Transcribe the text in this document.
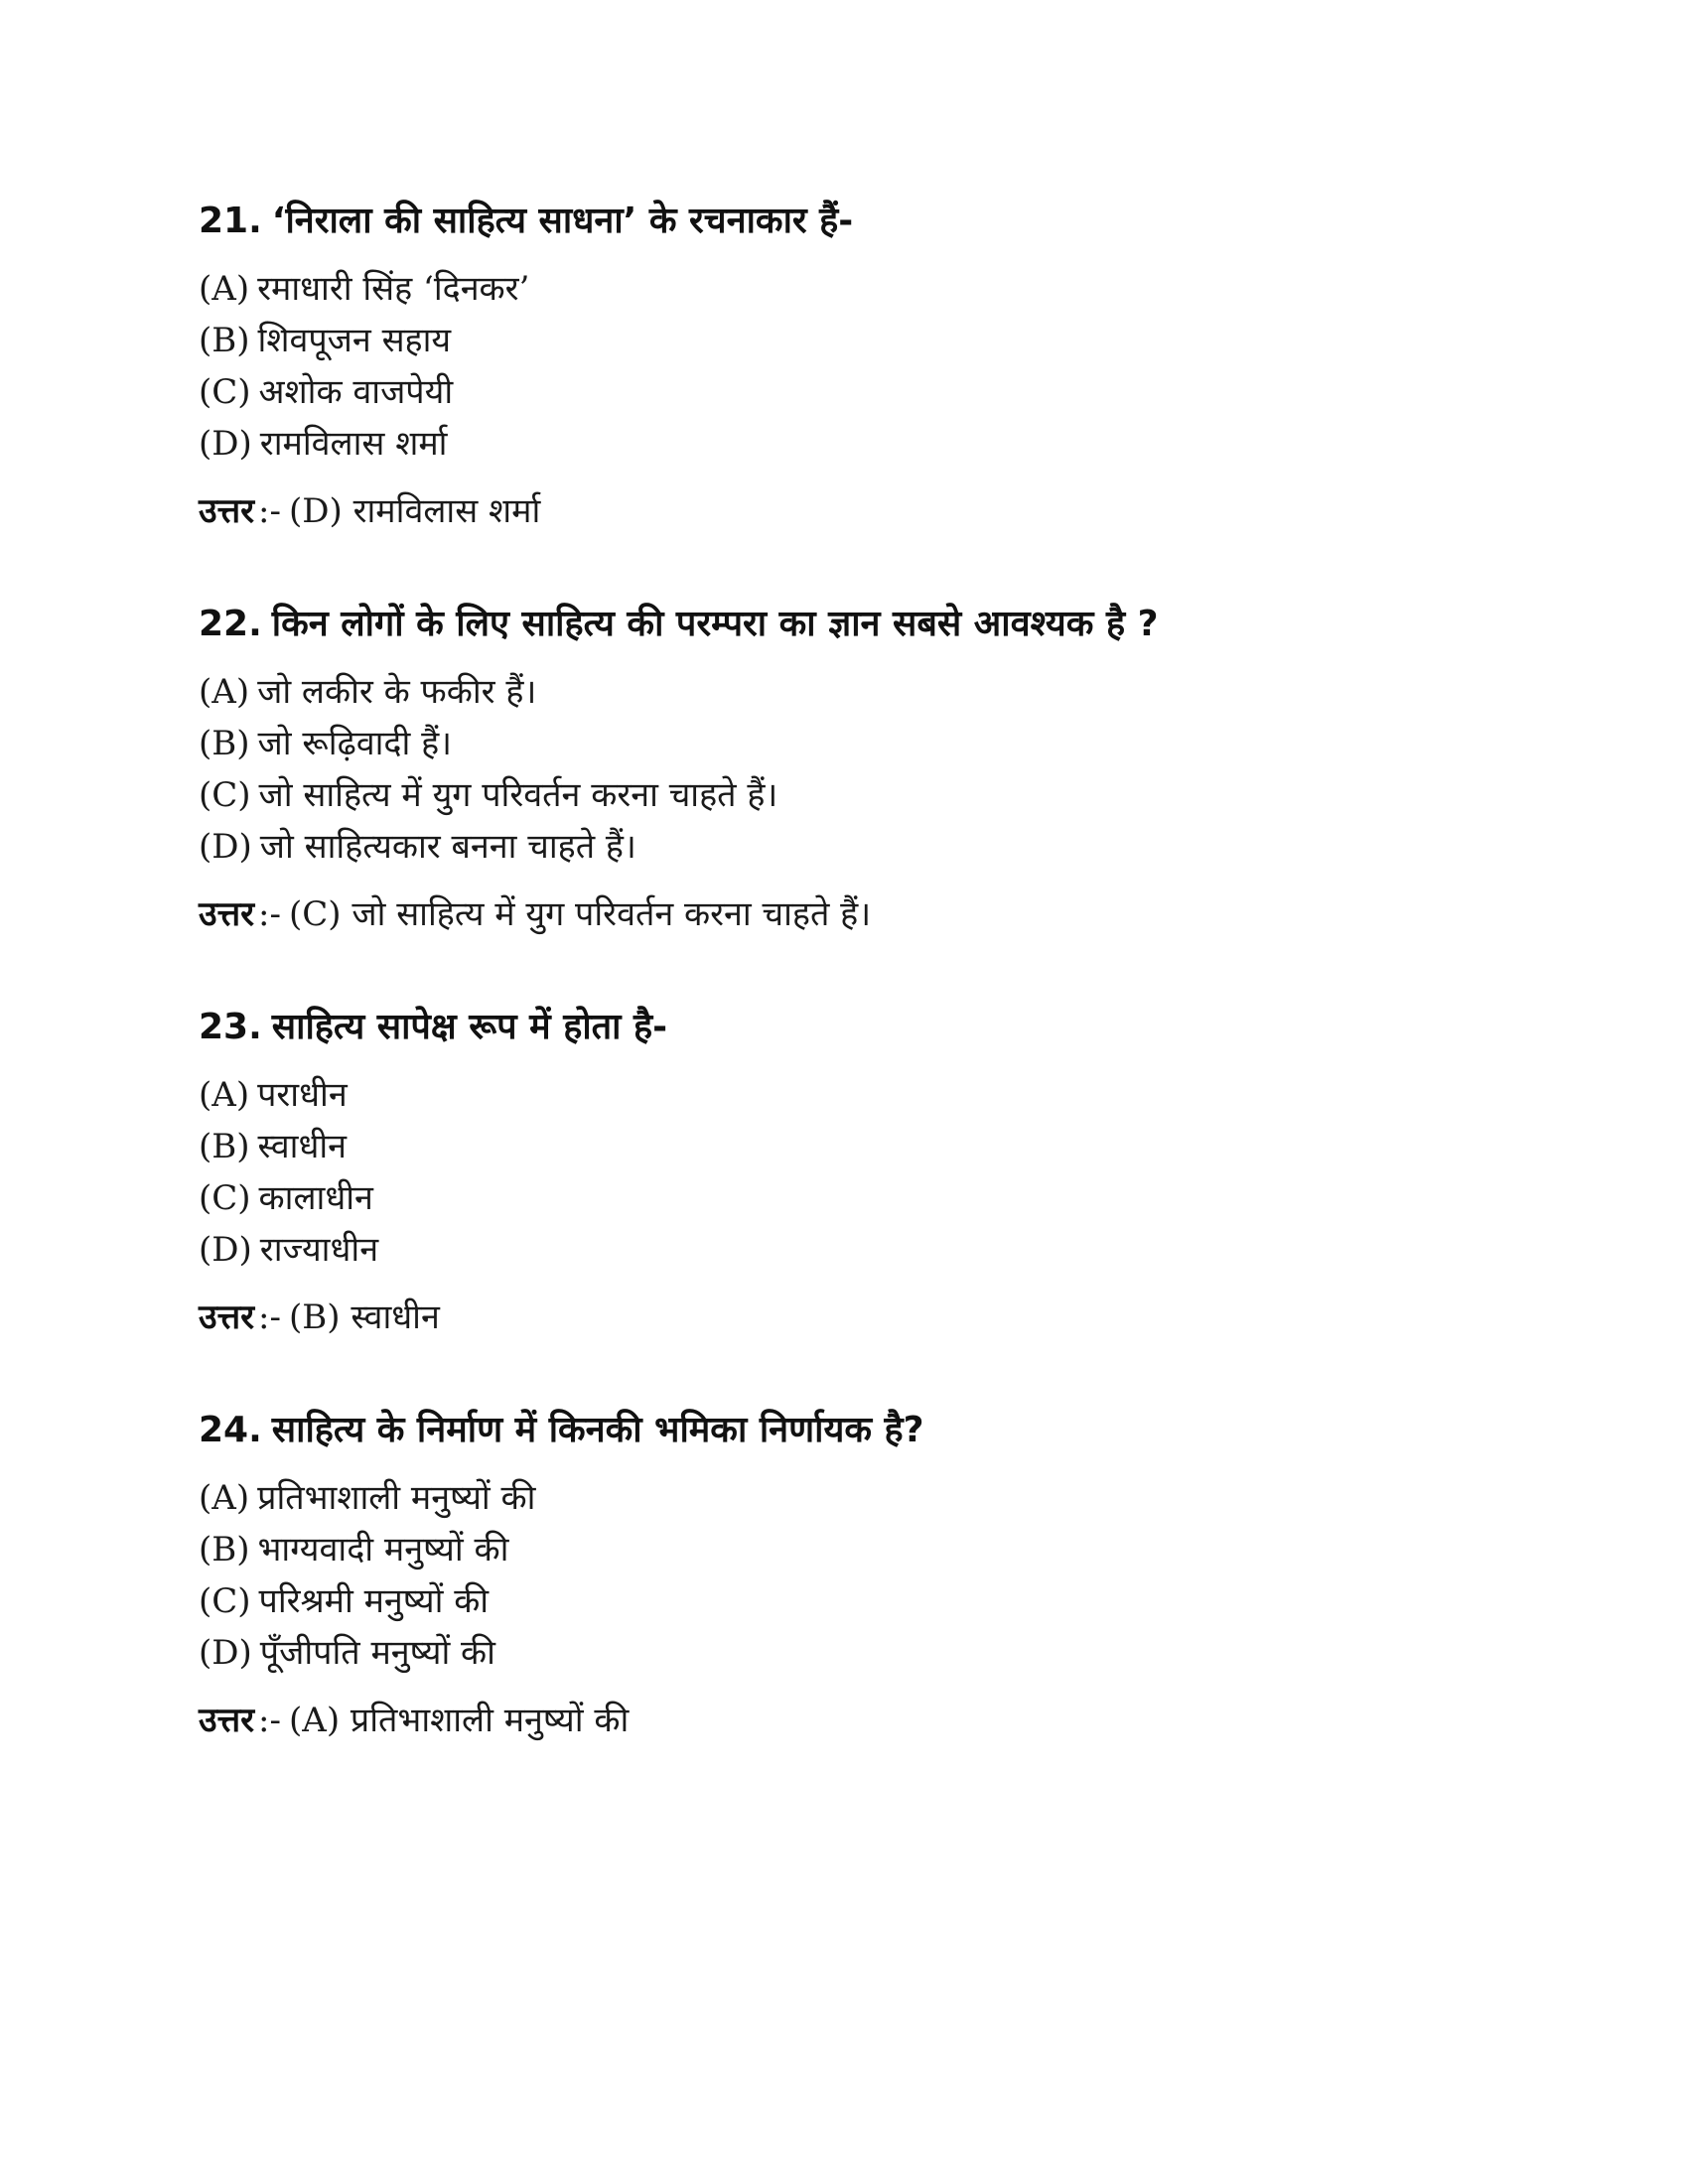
21. ‘निराला की साहित्य साधना’ के रचनाकार हैं-

(A) रमाधारी सिंह ‘दिनकर’
(B) शिवपूजन सहाय
(C) अशोक वाजपेयी
(D) रामविलास शर्मा

उत्तर :- (D) रामविलास शर्मा

22. किन लोगों के लिए साहित्य की परम्परा का ज्ञान सबसे आवश्यक है ?

(A) जो लकीर के फकीर हैं।
(B) जो रूढ़िवादी हैं।
(C) जो साहित्य में युग परिवर्तन करना चाहते हैं।
(D) जो साहित्यकार बनना चाहते हैं।

उत्तर :- (C) जो साहित्य में युग परिवर्तन करना चाहते हैं।

23. साहित्य सापेक्ष रूप में होता है-

(A) पराधीन
(B) स्वाधीन
(C) कालाधीन
(D) राज्याधीन

उत्तर :- (B) स्वाधीन

24. साहित्य के निर्माण में किनकी भमिका निर्णायक है?

(A) प्रतिभाशाली मनुष्यों की
(B) भाग्यवादी मनुष्यों की
(C) परिश्रमी मनुष्यों की
(D) पूँजीपति मनुष्यों की

उत्तर :- (A) प्रतिभाशाली मनुष्यों की
